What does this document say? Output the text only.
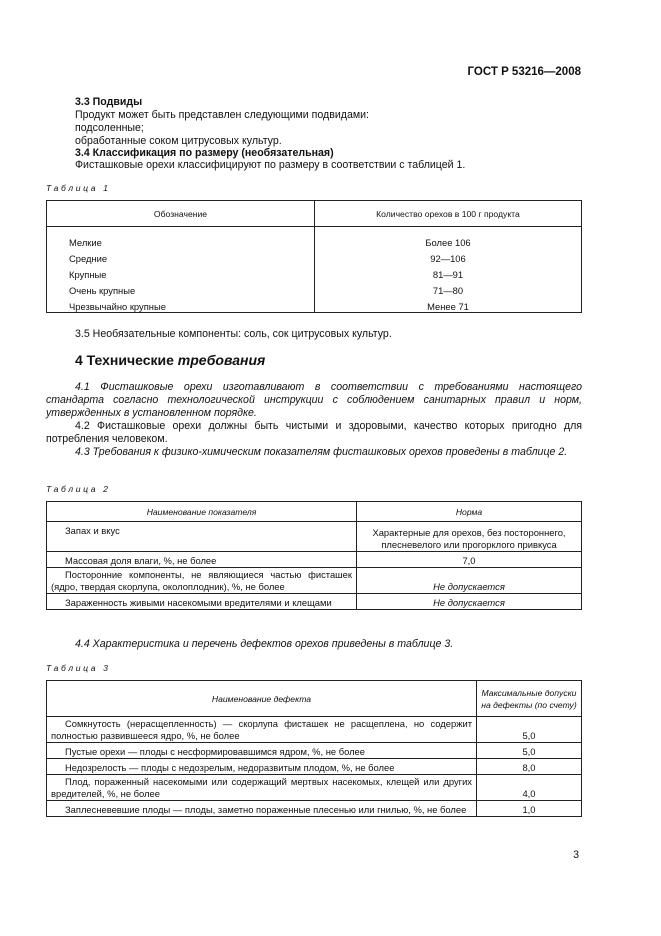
ГОСТ Р 53216—2008
3.3 Подвиды
Продукт может быть представлен следующими подвидами:
подсоленные;
обработанные соком цитрусовых культур.
3.4 Классификация по размеру (необязательная)
Фисташковые орехи классифицируют по размеру в соответствии с таблицей 1.
Таблица 1
Обозначение	Количество орехов в 100 г продукта
Мелкие	Более 106
Средние	92—106
Крупные	81—91
Очень крупные	71—80
Чрезвычайно крупные	Менее 71
3.5 Необязательные компоненты: соль, сок цитрусовых культур.
4 Технические требования
4.1 Фисташковые орехи изготавливают в соответствии с требованиями настоящего стандарта согласно технологической инструкции с соблюдением санитарных правил и норм, утвержденных в установленном порядке.
4.2 Фисташковые орехи должны быть чистыми и здоровыми, качество которых пригодно для потребления человеком.
4.3 Требования к физико-химическим показателям фисташковых орехов проведены в таблице 2.
Таблица 2
Наименование показателя	Норма
Запах и вкус	Характерные для орехов, без постороннего, плесневелого или прогорклого привкуса
Массовая доля влаги, %, не более	7,0
Посторонние компоненты, не являющиеся частью фисташек (ядро, твердая скорлупа, околоплодник), %, не более	Не допускается
Зараженность живыми насекомыми вредителями и клещами	Не допускается
4.4 Характеристика и перечень дефектов орехов приведены в таблице 3.
Таблица 3
Наименование дефекта	Максимальные допуски на дефекты (по счету)
Сомкнутость (нерасщепленность) — скорлупа фисташек не расщеплена, но содержит полностью развившееся ядро, %, не более	5,0
Пустые орехи — плоды с несформировавшимся ядром, %, не более	5,0
Недозрелость — плоды с недозрелым, недоразвитым плодом, %, не более	8,0
Плод, пораженный насекомыми или содержащий мертвых насекомых, клещей или других вредителей, %, не более	4,0
Заплесневевшие плоды — плоды, заметно пораженные плесенью или гнилью, %, не более	1,0
3
